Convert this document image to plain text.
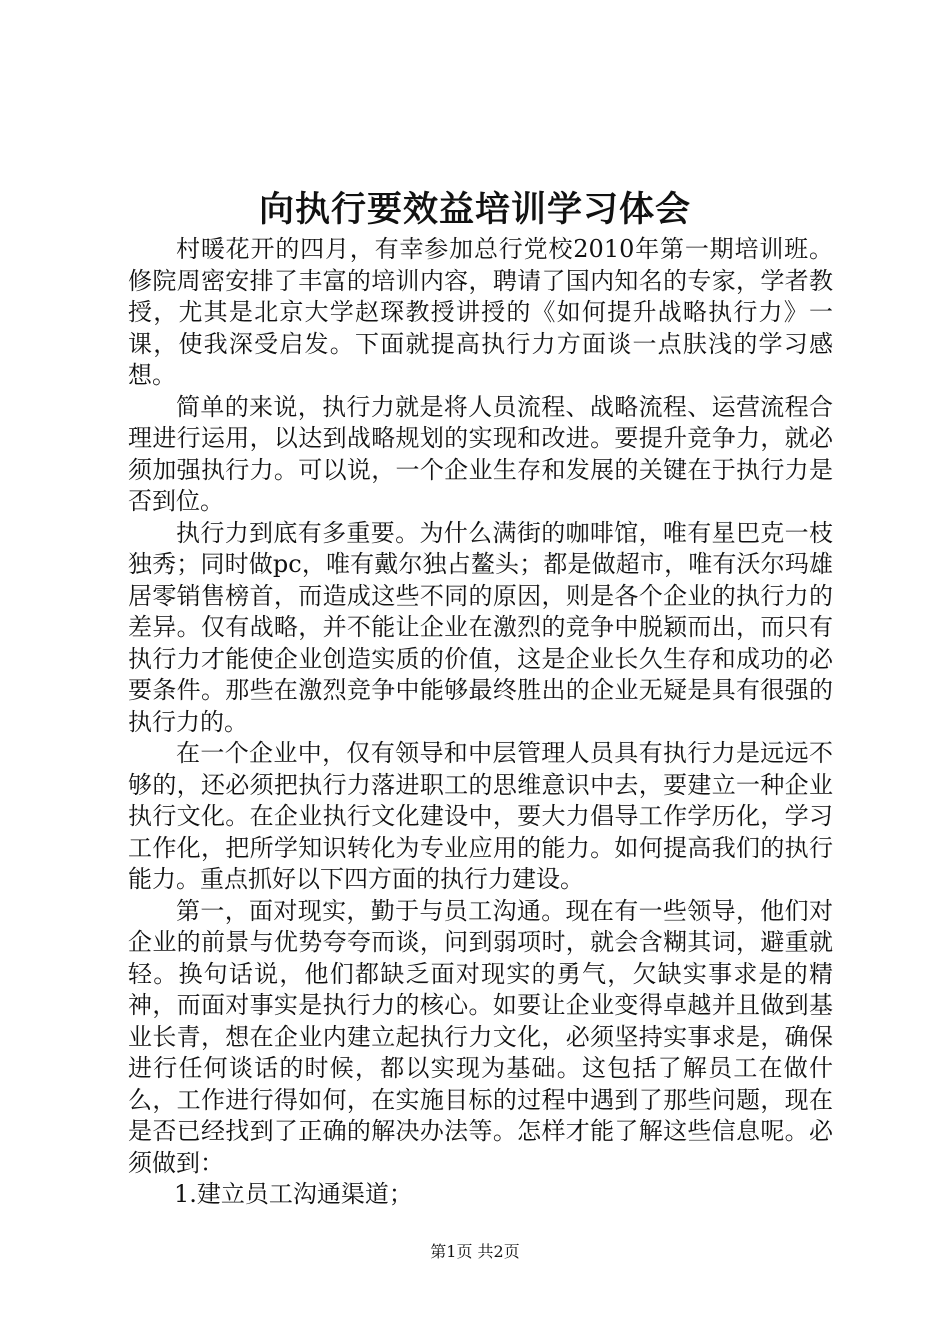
向执行要效益培训学习体会

村暖花开的四月，有幸参加总行党校2010年第一期培训班。修院周密安排了丰富的培训内容，聘请了国内知名的专家，学者教授，尤其是北京大学赵琛教授讲授的《如何提升战略执行力》一课，使我深受启发。下面就提高执行力方面谈一点肤浅的学习感想。

简单的来说，执行力就是将人员流程、战略流程、运营流程合理进行运用，以达到战略规划的实现和改进。要提升竞争力，就必须加强执行力。可以说，一个企业生存和发展的关键在于执行力是否到位。

执行力到底有多重要。为什么满街的咖啡馆，唯有星巴克一枝独秀；同时做pc，唯有戴尔独占鳌头；都是做超市，唯有沃尔玛雄居零销售榜首，而造成这些不同的原因，则是各个企业的执行力的差异。仅有战略，并不能让企业在激烈的竞争中脱颖而出，而只有执行力才能使企业创造实质的价值，这是企业长久生存和成功的必要条件。那些在激烈竞争中能够最终胜出的企业无疑是具有很强的执行力的。

在一个企业中，仅有领导和中层管理人员具有执行力是远远不够的，还必须把执行力落进职工的思维意识中去，要建立一种企业执行文化。在企业执行文化建设中，要大力倡导工作学历化，学习工作化，把所学知识转化为专业应用的能力。如何提高我们的执行能力。重点抓好以下四方面的执行力建设。

第一，面对现实，勤于与员工沟通。现在有一些领导，他们对企业的前景与优势夸夸而谈，问到弱项时，就会含糊其词，避重就轻。换句话说，他们都缺乏面对现实的勇气，欠缺实事求是的精神，而面对事实是执行力的核心。如要让企业变得卓越并且做到基业长青，想在企业内建立起执行力文化，必须坚持实事求是，确保进行任何谈话的时候，都以实现为基础。这包括了解员工在做什么，工作进行得如何，在实施目标的过程中遇到了那些问题，现在是否已经找到了正确的解决办法等。怎样才能了解这些信息呢。必须做到：

1.建立员工沟通渠道；

第1页 共2页
